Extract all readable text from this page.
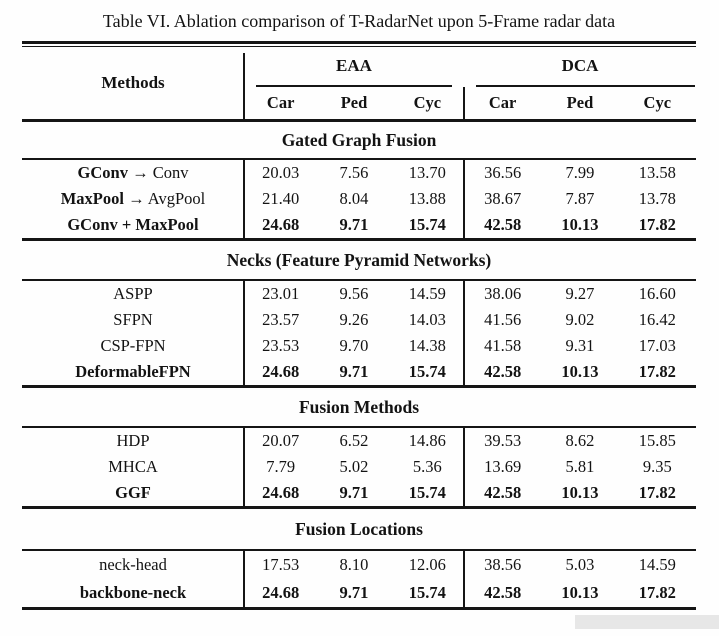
Table VI. Ablation comparison of T-RadarNet upon 5-Frame radar data
Methods
EAA	DCA
Car	Ped	Cyc	Car	Ped	Cyc
Gated Graph Fusion
GConv → Conv	20.03	7.56	13.70	36.56	7.99	13.58
MaxPool → AvgPool	21.40	8.04	13.88	38.67	7.87	13.78
GConv + MaxPool	24.68	9.71	15.74	42.58	10.13	17.82
Necks (Feature Pyramid Networks)
ASPP	23.01	9.56	14.59	38.06	9.27	16.60
SFPN	23.57	9.26	14.03	41.56	9.02	16.42
CSP-FPN	23.53	9.70	14.38	41.58	9.31	17.03
DeformableFPN	24.68	9.71	15.74	42.58	10.13	17.82
Fusion Methods
HDP	20.07	6.52	14.86	39.53	8.62	15.85
MHCA	7.79	5.02	5.36	13.69	5.81	9.35
GGF	24.68	9.71	15.74	42.58	10.13	17.82
Fusion Locations
neck-head	17.53	8.10	12.06	38.56	5.03	14.59
backbone-neck	24.68	9.71	15.74	42.58	10.13	17.82
